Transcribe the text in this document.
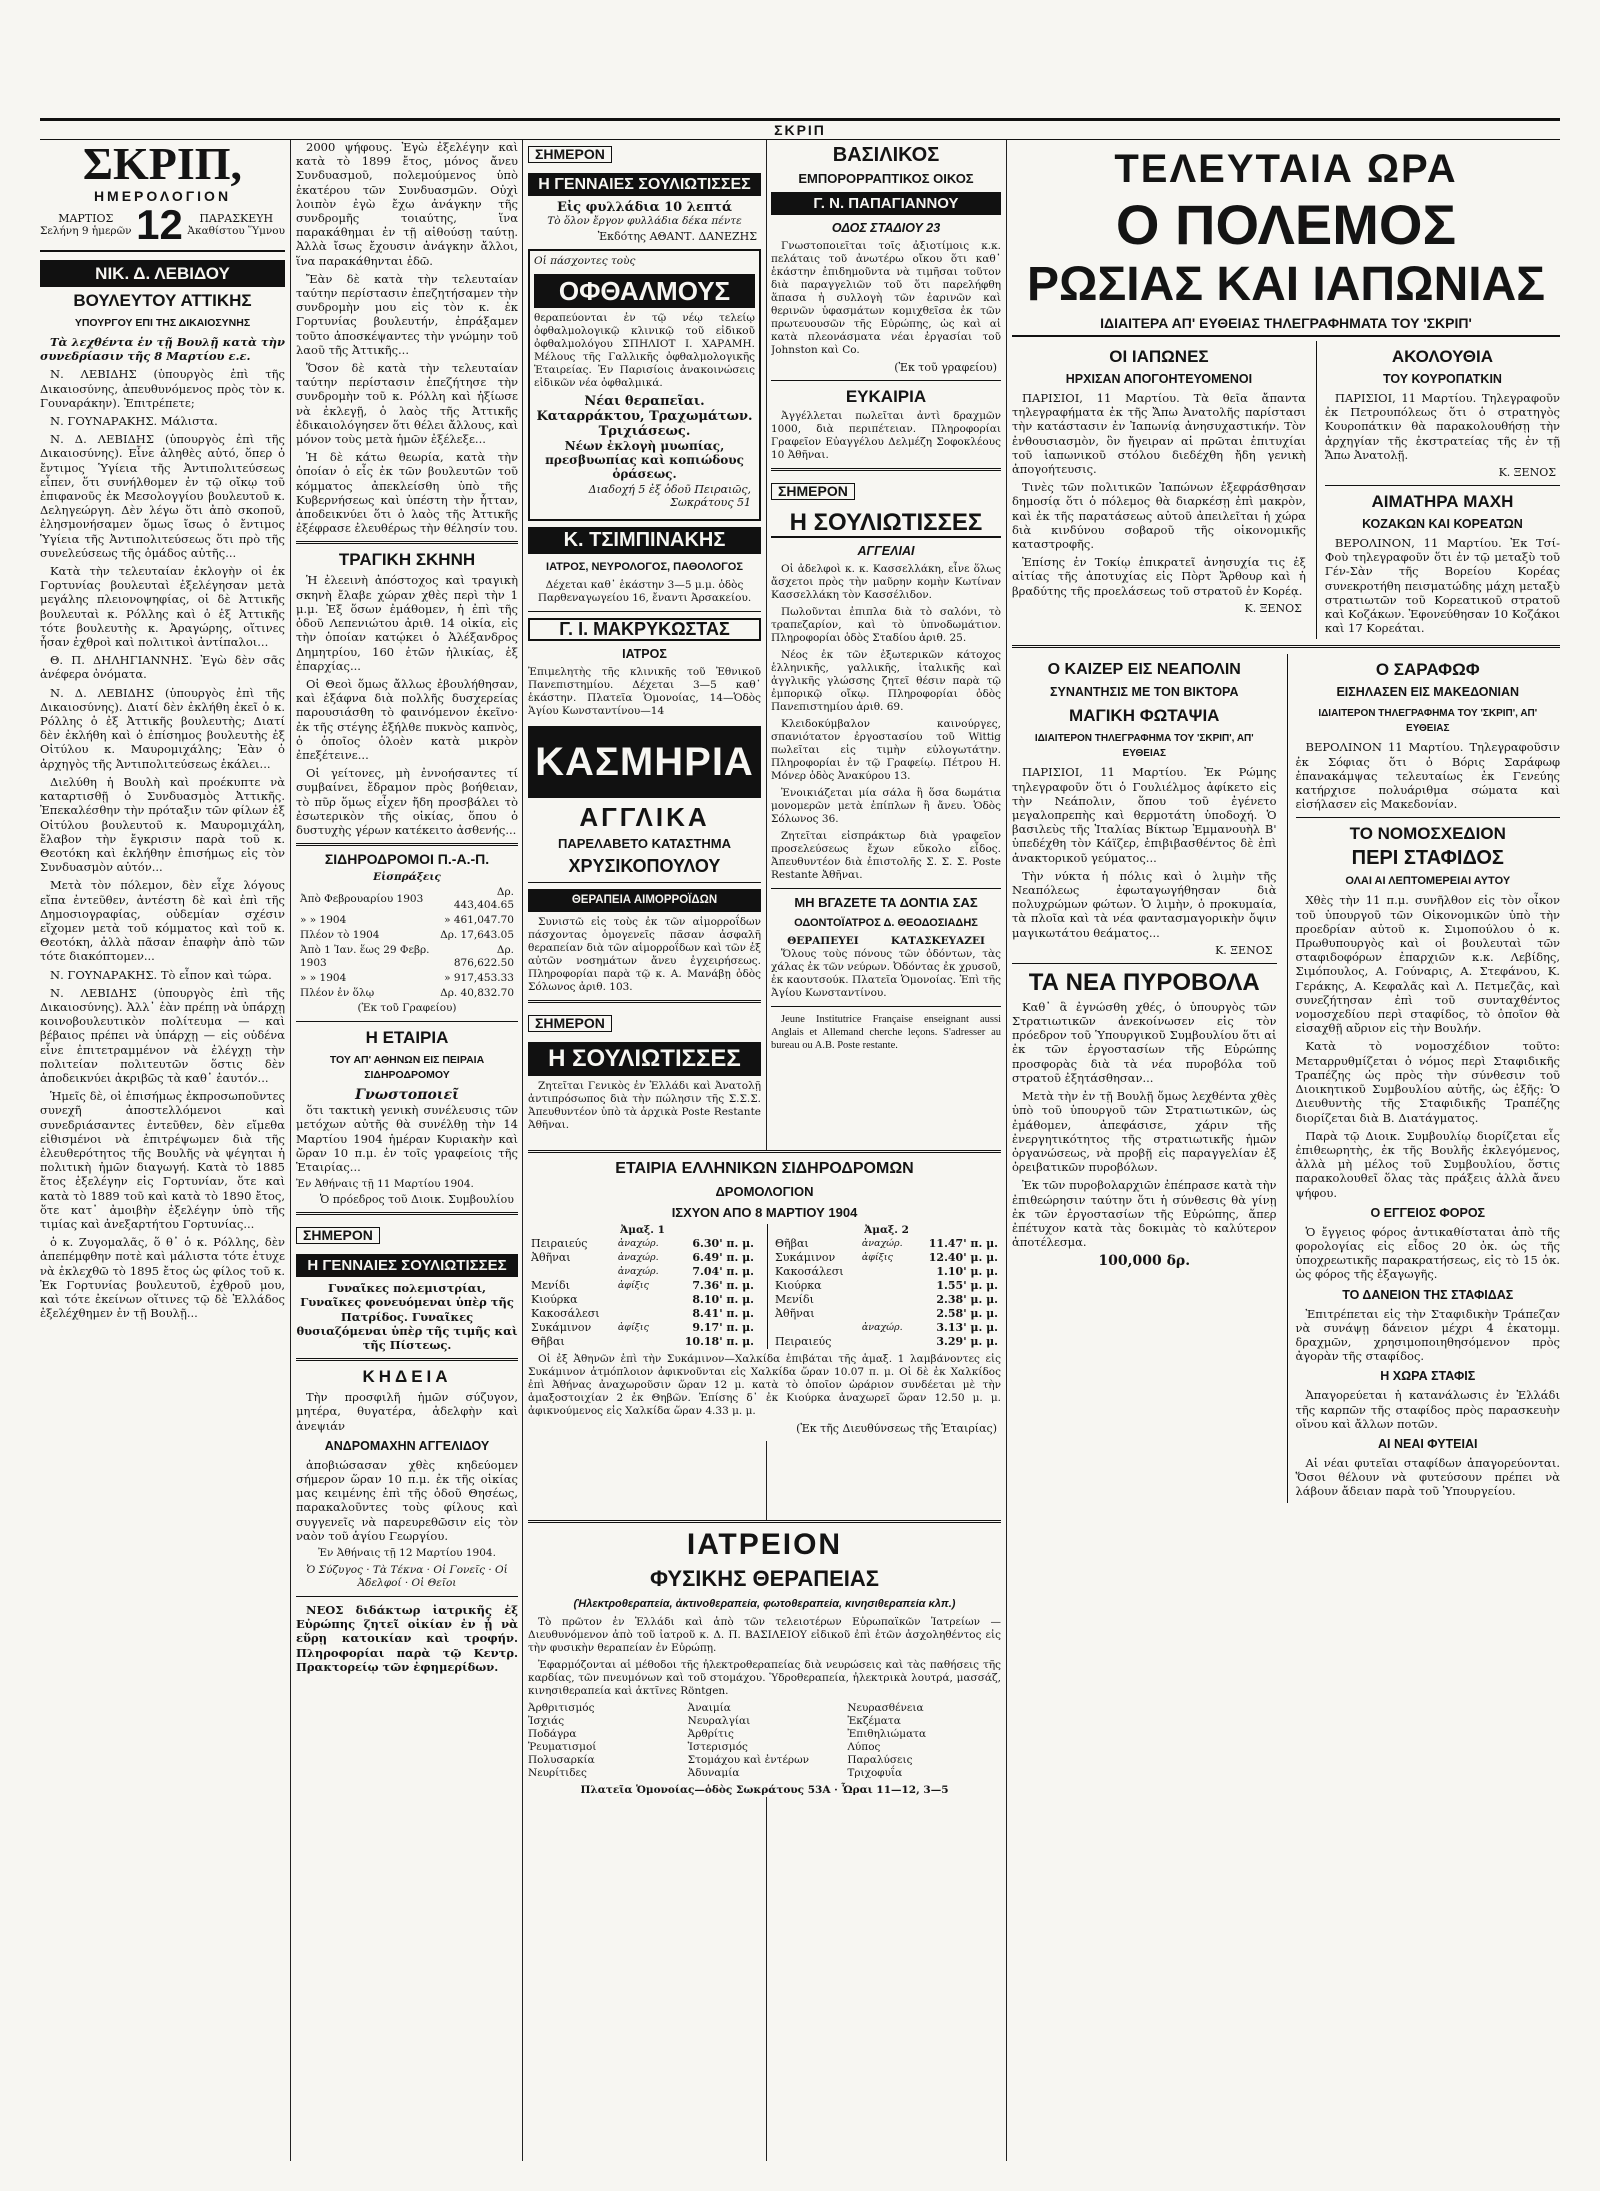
ΣΚΡΙΠ
ΣΚΡΙΠ,
ΗΜΕΡΟΛΟΓΙΟΝ
ΜΑΡΤΙΟΣ
Σελήνη 9 ἡμερῶν 12	ΠΑΡΑΣΚΕΥΗ
Ἀκαθίστου Ὕμνου
ΝΙΚ. Δ. ΛΕΒΙΔΟΥ
ΒΟΥΛΕΥΤΟΥ ΑΤΤΙΚΗΣ
ΥΠΟΥΡΓΟΥ ΕΠΙ ΤΗΣ ΔΙΚΑΙΟΣΥΝΗΣ

Τὰ λεχθέντα ἐν τῇ Βουλῇ κατὰ τὴν συνεδρίασιν τῆς 8 Μαρτίου ε.ε.

Ν. ΛΕΒΙΔΗΣ (ὑπουργὸς ἐπὶ τῆς Δικαιοσύνης, ἀπευθυνόμενος πρὸς τὸν κ. Γουναράκην). Ἐπιτρέπετε;

Ν. ΓΟΥΝΑΡΑΚΗΣ. Μάλιστα.

Ν. Δ. ΛΕΒΙΔΗΣ (ὑπουργὸς ἐπὶ τῆς Δικαιοσύνης). Εἶνε ἀληθὲς αὐτό, ὅπερ ὁ ἔντιμος Ὑγίεια τῆς Ἀντιπολιτεύσεως εἶπεν, ὅτι συνήλθομεν ἐν τῷ οἴκῳ τοῦ ἐπιφανοῦς ἐκ Μεσολογγίου βουλευτοῦ κ. Δεληγεώργη. Δὲν λέγω ὅτι ἀπὸ σκοποῦ, ἐλησμονήσαμεν ὅμως ἴσως ὁ ἔντιμος Ὑγίεια τῆς Ἀντιπολιτεύσεως ὅτι πρὸ τῆς συνελεύσεως τῆς ὁμάδος αὐτῆς...

Κατὰ τὴν τελευταίαν ἐκλογὴν οἱ ἐκ Γορτυνίας βουλευταὶ ἐξελέγησαν μετὰ μεγάλης πλειονοψηφίας, οἱ δὲ Ἀττικῆς βουλευταὶ κ. Ρόλλης καὶ ὁ ἐξ Ἀττικῆς τότε βουλευτὴς κ. Ἀραγώρης, οἵτινες ἦσαν ἐχθροὶ καὶ πολιτικοὶ ἀντίπαλοι...

Θ. Π. ΔΗΛΗΓΙΑΝΝΗΣ. Ἐγὼ δὲν σᾶς ἀνέφερα ὀνόματα.

Ν. Δ. ΛΕΒΙΔΗΣ (ὑπουργὸς ἐπὶ τῆς Δικαιοσύνης). Διατί δὲν ἐκλήθη ἐκεῖ ὁ κ. Ρόλλης ὁ ἐξ Ἀττικῆς βουλευτὴς; Διατί δὲν ἐκλήθη καὶ ὁ ἐπίσημος βουλευτὴς ἐξ Οἰτύλου κ. Μαυρομιχάλης; Ἐὰν ὁ ἀρχηγὸς τῆς Ἀντιπολιτεύσεως ἐκάλει...

Διελύθη ἡ Βουλὴ καὶ προέκυπτε νὰ καταρτισθῇ ὁ Συνδυασμὸς Ἀττικῆς. Ἐπεκαλέσθην τὴν πρόταξιν τῶν φίλων ἐξ Οἰτύλου βουλευτοῦ κ. Μαυρομιχάλη, ἔλαβον τὴν ἔγκρισιν παρὰ τοῦ κ. Θεοτόκη καὶ ἐκλήθην ἐπισήμως εἰς τὸν Συνδυασμὸν αὐτόν...

Μετὰ τὸν πόλεμον, δὲν εἶχε λόγους εἴπα ἐντεῦθεν, ἀντέστη δὲ καὶ ἐπὶ τῆς Δημοσιογραφίας, οὐδεμίαν σχέσιν εἴχομεν μετὰ τοῦ κόμματος καὶ τοῦ κ. Θεοτόκη, ἀλλὰ πᾶσαν ἐπαφὴν ἀπὸ τῶν τότε διακόπτομεν...

Ν. ΓΟΥΝΑΡΑΚΗΣ. Τὸ εἶπον καὶ τώρα.

Ν. ΛΕΒΙΔΗΣ (ὑπουργὸς ἐπὶ τῆς Δικαιοσύνης). Ἀλλ᾿ ἐὰν πρέπῃ νὰ ὑπάρχῃ κοινοβουλευτικὸν πολίτευμα — καὶ βέβαιος πρέπει νὰ ὑπάρχῃ — εἰς οὐδένα εἶνε ἐπιτετραμμένον νὰ ἐλέγχῃ τὴν πολιτείαν πολιτευτῶν ὅστις δὲν ἀποδεικνύει ἀκριβῶς τὰ καθ᾿ ἑαυτόν...

Ἡμεῖς δὲ, οἱ ἐπισήμως ἐκπροσωποῦντες συνεχῆ ἀποστελλόμενοι καὶ συνεδριάσαντες ἐντεῦθεν, δὲν εἴμεθα εἰθισμένοι νὰ ἐπιτρέψωμεν διὰ τῆς ἐλευθερότητος τῆς Βουλῆς νὰ ψέγηται ἡ πολιτικὴ ἡμῶν διαγωγή. Κατὰ τὸ 1885 ἔτος ἐξελέγην εἰς Γορτυνίαν, ὅτε καὶ κατὰ τὸ 1889 τοῦ καὶ κατὰ τὸ 1890 ἔτος, ὅτε κατ᾿ ἀμοιβὴν ἐξελέγην ὑπὸ τῆς τιμίας καὶ ἀνεξαρτήτου Γορτυνίας...

ὁ κ. Ζυγομαλᾶς, ὅ θ᾿ ὁ κ. Ρόλλης, δὲν ἀπεπέμφθην ποτὲ καὶ μάλιστα τότε ἐτυχε νὰ ἐκλεχθῶ τὸ 1895 ἔτος ὡς φίλος τοῦ κ. Ἐκ Γορτυνίας βουλευτοῦ, ἐχθροῦ μου, καὶ τότε ἐκείνων οἵτινες τῷ δὲ Ἑλλάδος ἐξελέχθημεν ἐν τῇ Βουλῇ...

2000 ψήφους. Ἐγὼ ἐξελέγην καὶ κατὰ τὸ 1899 ἔτος, μόνος ἄνευ Συνδυασμοῦ, πολεμούμενος ὑπὸ ἑκατέρου τῶν Συνδυασμῶν. Οὐχὶ λοιπὸν ἐγὼ ἔχω ἀνάγκην τῆς συνδρομῆς τοιαύτης, ἵνα παρακάθημαι ἐν τῇ αἰθούσῃ ταύτῃ. Ἀλλὰ ἴσως ἔχουσιν ἀνάγκην ἄλλοι, ἵνα παρακάθηνται ἐδῶ.

Ἔὰν δὲ κατὰ τὴν τελευταίαν ταύτην περίστασιν ἐπεζητήσαμεν τὴν συνδρομὴν μου εἰς τὸν κ. ἐκ Γορτυνίας βουλευτήν, ἐπράξαμεν τοῦτο ἀποσκέψαντες τὴν γνώμην τοῦ λαοῦ τῆς Ἀττικῆς...

Ὅσον δὲ κατὰ τὴν τελευταίαν ταύτην περίστασιν ἐπεζήτησε τὴν συνδρομὴν τοῦ κ. Ρόλλη καὶ ἠξίωσε νὰ ἐκλεγῇ, ὁ λαὸς τῆς Ἀττικῆς ἐδικαιολόγησεν ὅτι θέλει ἄλλους, καὶ μόνον τοὺς μετὰ ἡμῶν ἐξέλεξε...

Ἡ δὲ κάτω θεωρία, κατὰ τὴν ὁποίαν ὁ εἷς ἐκ τῶν βουλευτῶν τοῦ κόμματος ἀπεκλείσθη ὑπὸ τῆς Κυβερνήσεως καὶ ὑπέστη τὴν ἧτταν, ἀποδεικνύει ὅτι ὁ λαὸς τῆς Ἀττικῆς ἐξέφρασε ἐλευθέρως τὴν θέλησίν του.

ΤΡΑΓΙΚΗ ΣΚΗΝΗ

Ἡ ἐλεεινὴ ἀπόστοχος καὶ τραγικὴ σκηνὴ ἔλαβε χώραν χθὲς περὶ τὴν 1 μ.μ. Ἐξ ὅσων ἐμάθομεν, ἡ ἐπὶ τῆς ὁδοῦ Λεπενιώτου ἀριθ. 14 οἰκία, εἰς τὴν ὁποίαν κατῴκει ὁ Ἀλέξανδρος Δημητρίου, 160 ἐτῶν ἠλικίας, ἐξ ἐπαρχίας...

Οἱ Θεοὶ ὅμως ἄλλως ἐβουλήθησαν, καὶ ἐξάφνα διὰ πολλῆς δυσχερείας παρουσιάσθη τὸ φαινόμενον ἐκεῖνο· ἐκ τῆς στέγης ἐξήλθε πυκνὸς καπνὸς, ὁ ὁποῖος ὁλοὲν κατὰ μικρὸν ἐπεξέτεινε...

Οἱ γείτονες, μὴ ἐννοήσαντες τί συμβαίνει, ἔδραμον πρὸς βοήθειαν, τὸ πῦρ ὅμως εἶχεν ἤδη προσβάλει τὸ ἐσωτερικὸν τῆς οἰκίας, ὅπου ὁ δυστυχὴς γέρων κατέκειτο ἀσθενής...

ΣΙΔΗΡΟΔΡΟΜΟΙ Π.-Α.-Π.
Εἰσπράξεις
Ἀπὸ Φεβρουαρίου 1903	Δρ. 443,404.65
» » 1904	» 461,047.70
Πλέον τὸ 1904	Δρ. 17,643.05
Ἀπὸ 1 Ἰαν. ἕως 29 Φεβρ. 1903	Δρ. 876,622.50
» » 1904	» 917,453.33
Πλέον ἐν ὅλῳ	Δρ. 40,832.70
(Ἐκ τοῦ Γραφείου)
Η ΕΤΑΙΡΙΑ
ΤΟΥ ΑΠ' ΑΘΗΝΩΝ ΕΙΣ ΠΕΙΡΑΙΑ ΣΙΔΗΡΟΔΡΟΜΟΥ
Γνωστοποιεῖ

ὅτι τακτικὴ γενικὴ συνέλευσις τῶν μετόχων αὐτῆς θὰ συνέλθῃ τὴν 14 Μαρτίου 1904 ἡμέραν Κυριακὴν καὶ ὥραν 10 π.μ. ἐν τοῖς γραφείοις τῆς Ἑταιρίας...

Ἐν Ἀθήναις τῇ 11 Μαρτίου 1904.
Ὁ πρόεδρος τοῦ Διοικ. Συμβουλίου
ΣΗΜΕΡΟΝ
Η ΓΕΝΝΑΙΕΣ ΣΟΥΛΙΩΤΙΣΣΕΣ

Γυναῖκες πολεμιστρίαι, Γυναῖκες φονευόμεναι ὑπὲρ τῆς Πατρίδος. Γυναῖκες θυσιαζόμεναι ὑπὲρ τῆς τιμῆς καὶ τῆς Πίστεως.

ΚΗΔΕΙΑ

Τὴν προσφιλῆ ἡμῶν σύζυγον, μητέρα, θυγατέρα, ἀδελφὴν καὶ ἀνεψιάν

ΑΝΔΡΟΜΑΧΗΝ ΑΓΓΕΛΙΔΟΥ

ἀποβιώσασαν χθὲς κηδεύομεν σήμερον ὥραν 10 π.μ. ἐκ τῆς οἰκίας μας κειμένης ἐπὶ τῆς ὁδοῦ Θησέως, παρακαλοῦντες τοὺς φίλους καὶ συγγενεῖς νὰ παρευρεθῶσιν εἰς τὸν ναὸν τοῦ ἁγίου Γεωργίου.

Ἐν Ἀθήναις τῇ 12 Μαρτίου 1904.
Ὁ Σύζυγος · Τὰ Τέκνα · Οἱ Γονεῖς · Οἱ Ἀδελφοί · Οἱ Θεῖοι

ΝΕΟΣ διδάκτωρ ἰατρικῆς ἐξ Εὐρώπης ζητεῖ οἰκίαν ἐν ᾗ νὰ εὕρῃ κατοικίαν καὶ τροφήν. Πληροφορίαι παρὰ τῷ Κεντρ. Πρακτορείῳ τῶν ἐφημερίδων.

ΣΗΜΕΡΟΝ
Η ΓΕΝΝΑΙΕΣ ΣΟΥΛΙΩΤΙΣΣΕΣ
Εἰς φυλλάδια 10 λεπτά
Τὸ ὅλον ἔργον φυλλάδια δέκα πέντε
Ἐκδότης ΑΘΑΝΤ. ΔΑΝΕΖΗΣ
Οἱ πάσχοντες τοὺς
ΟΦΘΑΛΜΟΥΣ

θεραπεύονται ἐν τῷ νέῳ τελείῳ ὀφθαλμολογικῷ κλινικῷ τοῦ εἰδικοῦ ὀφθαλμολόγου ΣΠΗΛΙΟΤ Ι. ΧΑΡΑΜΗ. Μέλους τῆς Γαλλικῆς ὀφθαλμολογικῆς Ἑταιρείας. Ἐν Παρισίοις ἀνακοινώσεις εἰδικῶν νέα ὀφθαλμικά.

Νέαι θεραπεῖαι. Καταρράκτου, Τραχωμάτων. Τριχιάσεως.
Νέων ἐκλογὴ μυωπίας, πρεσβυωπίας καὶ κοπιώδους ὁράσεως.
Διαδοχή 5 ἐξ ὁδοῦ Πειραιῶς, Σωκράτους 51
Κ. ΤΣΙΜΠΙΝΑΚΗΣ
ΙΑΤΡΟΣ, ΝΕΥΡΟΛΟΓΟΣ, ΠΑΘΟΛΟΓΟΣ

Δέχεται καθ᾿ ἑκάστην 3—5 μ.μ. ὁδὸς Παρθεναγωγείου 16, ἔναντι Ἀρσακείου.

Γ. Ι. ΜΑΚΡΥΚΩΣΤΑΣ
ΙΑΤΡΟΣ

Ἐπιμελητὴς τῆς κλινικῆς τοῦ Ἐθνικοῦ Πανεπιστημίου. Δέχεται 3—5 καθ᾿ ἑκάστην. Πλατεῖα Ὁμονοίας, 14—Ὁδὸς Ἁγίου Κωνσταντίνου—14

ΚΑΣΜΗΡΙΑ
ΑΓΓΛΙΚΑ
ΠΑΡΕΛΑΒΕΤΟ ΚΑΤΑΣΤΗΜΑ
ΧΡΥΣΙΚΟΠΟΥΛΟΥ
ΘΕΡΑΠΕΙΑ ΑΙΜΟΡΡΟΪΔΩΝ

Συνιστῶ εἰς τοὺς ἐκ τῶν αἱμορροΐδων πάσχοντας ὁμογενεῖς πᾶσαν ἀσφαλῆ θεραπείαν διὰ τῶν αἱμορροΐδων καὶ τῶν ἐξ αὐτῶν νοσημάτων ἄνευ ἐγχειρήσεως. Πληροφορίαι παρὰ τῷ κ. Α. Μανάβῃ ὁδὸς Σόλωνος ἀριθ. 103.

ΣΗΜΕΡΟΝ
Η ΣΟΥΛΙΩΤΙΣΣΕΣ

Ζητεῖται Γενικὸς ἐν Ἑλλάδι καὶ Ἀνατολῇ ἀντιπρόσωπος διὰ τὴν πώλησιν τῆς Σ.Σ.Σ. Ἀπευθυντέον ὑπὸ τὰ ἀρχικὰ Poste Restante Ἀθῆναι.

ΒΑΣΙΛΙΚΟΣ
ΕΜΠΟΡΟΡΡΑΠΤΙΚΟΣ ΟΙΚΟΣ
Γ. Ν. ΠΑΠΑΓΙΑΝΝΟΥ
ΟΔΟΣ ΣΤΑΔΙΟΥ 23

Γνωστοποιεῖται τοῖς ἀξιοτίμοις κ.κ. πελάταις τοῦ ἀνωτέρω οἴκου ὅτι καθ᾿ ἑκάστην ἐπιδημοῦντα νὰ τιμῆσαι τοῦτον διὰ παραγγελιῶν τοῦ ὅτι παρελήφθη ἅπασα ἡ συλλογὴ τῶν ἐαρινῶν καὶ θερινῶν ὑφασμάτων κομιχθεῖσα ἐκ τῶν πρωτευουσῶν τῆς Εὐρώπης, ὡς καὶ αἱ κατὰ πλεονάσματα νέαι ἐργασίαι τοῦ Johnston καὶ Co.

(Ἐκ τοῦ γραφείου)
ΕΥΚΑΙΡΙΑ

Ἀγγέλλεται πωλεῖται ἀντὶ δραχμῶν 1000, διὰ περιπέτειαν. Πληροφορίαι Γραφεῖον Εὐαγγέλου Δελμέζη Σοφοκλέους 10 Ἀθῆναι.

ΣΗΜΕΡΟΝ
Η ΣΟΥΛΙΩΤΙΣΣΕΣ
ΑΓΓΕΛΙΑΙ

Οἱ ἀδελφοὶ κ. κ. Κασσελλάκη, εἶνε ὅλως ἄσχετοι πρὸς τὴν μαῦρην κομὴν Κωτίναν Κασσελλάκη τὸν Κασσέλιδον.

Πωλοῦνται ἐπιπλα διὰ τὸ σαλόνι, τὸ τραπεζαρίον, καὶ τὸ ὑπνοδωμάτιον. Πληροφορίαι ὁδὸς Σταδίου ἀριθ. 25.

Νέος ἐκ τῶν ἐξωτερικῶν κάτοχος ἑλληνικῆς, γαλλικῆς, ἰταλικῆς καὶ ἀγγλικῆς γλώσσης ζητεῖ θέσιν παρὰ τῷ ἐμπορικῷ οἴκῳ. Πληροφορίαι ὁδὸς Πανεπιστημίου ἀριθ. 69.

Κλειδοκύμβαλον καινούργες, σπανιότατον ἐργοστασίου τοῦ Wittig πωλεῖται εἰς τιμὴν εὐλογωτάτην. Πληροφορίαι ἐν τῷ Γραφείῳ. Πέτρου Η. Μόνερ ὁδὸς Ἀνακύρου 13.

Ἐνοικιάζεται μία σάλα ἢ ὅσα δωμάτια μονομερῶν μετὰ ἐπίπλων ἢ ἄνευ. Ὁδὸς Σόλωνος 36.

Ζητεῖται εἰσπράκτωρ διὰ γραφεῖον προσελεύσεως ἔχων εὔκολο εἶδος. Ἀπευθυντέον διὰ ἐπιστολῆς Σ. Σ. Σ. Poste Restante Ἀθῆναι.

ΜΗ ΒΓΑΖΕΤΕ ΤΑ ΔΟΝΤΙΑ ΣΑΣ
ΟΔΟΝΤΟΪΑΤΡΟΣ Δ. ΘΕΟΔΟΣΙΑΔΗΣ
ΘΕΡΑΠΕΥΕΙ	ΚΑΤΑΣΚΕΥΑΖΕΙ

Ὅλους τοὺς πόνους τῶν ὀδόντων, τὰς χάλας ἐκ τῶν νεύρων. Ὀδόντας ἐκ χρυσοῦ, ἐκ καουτσούκ. Πλατεῖα Ὁμονοίας. Ἐπὶ τῆς Ἀγίου Κωνσταντίνου.

Jeune Institutrice Française enseignant aussi Anglais et Allemand cherche leçons. S'adresser au bureau ou A.B. Poste restante.

ΤΕΛΕΥΤΑΙΑ ΩΡΑ
Ο ΠΟΛΕΜΟΣ
ΡΩΣΙΑΣ ΚΑΙ ΙΑΠΩΝΙΑΣ
ΙΔΙΑΙΤΕΡΑ ΑΠ' ΕΥΘΕΙΑΣ ΤΗΛΕΓΡΑΦΗΜΑΤΑ ΤΟΥ 'ΣΚΡΙΠ'
ΟΙ ΙΑΠΩΝΕΣ
ΗΡΧΙΣΑΝ ΑΠΟΓΟΗΤΕΥΟΜΕΝΟΙ

ΠΑΡΙΣΙΟΙ, 11 Μαρτίου. Τὰ θεῖα ἄπαντα τηλεγραφήματα ἐκ τῆς Ἄπω Ἀνατολῆς παρίστασι τὴν κατάστασιν ἐν Ἰαπωνίᾳ ἀνησυχαστικήν. Τὸν ἐνθουσιασμὸν, ὃν ἤγειραν αἱ πρῶται ἐπιτυχίαι τοῦ ἰαπωνικοῦ στόλου διεδέχθη ἤδη γενικὴ ἀπογοήτευσις.

Τινὲς τῶν πολιτικῶν Ἰαπώνων ἐξεφράσθησαν δημοσίᾳ ὅτι ὁ πόλεμος θὰ διαρκέσῃ ἐπὶ μακρὸν, καὶ ἐκ τῆς παρατάσεως αὐτοῦ ἀπειλεῖται ἡ χώρα διὰ κινδύνου σοβαροῦ τῆς οἰκονομικῆς καταστροφῆς.

Ἐπίσης ἐν Τοκίῳ ἐπικρατεῖ ἀνησυχία τις ἐξ αἰτίας τῆς ἀποτυχίας εἰς Πὸρτ Ἄρθουρ καὶ ἡ βραδύτης τῆς προελάσεως τοῦ στρατοῦ ἐν Κορέᾳ.

Κ. ΞΕΝΟΣ
ΑΚΟΛΟΥΘΙΑ
ΤΟΥ ΚΟΥΡΟΠΑΤΚΙΝ

ΠΑΡΙΣΙΟΙ, 11 Μαρτίου. Τηλεγραφοῦν ἐκ Πετρουπόλεως ὅτι ὁ στρατηγὸς Κουροπάτκιν θὰ παρακολουθήσῃ τὴν ἀρχηγίαν τῆς ἐκστρατείας τῆς ἐν τῇ Ἄπω Ἀνατολῇ.

Κ. ΞΕΝΟΣ
ΑΙΜΑΤΗΡΑ ΜΑΧΗ
ΚΟΖΑΚΩΝ ΚΑΙ ΚΟΡΕΑΤΩΝ

ΒΕΡΟΛΙΝΟΝ, 11 Μαρτίου. Ἐκ Τσί-Φοὺ τηλεγραφοῦν ὅτι ἐν τῷ μεταξὺ τοῦ Γέν-Σὰν τῆς Βορείου Κορέας συνεκροτήθη πεισματώδης μάχη μεταξὺ στρατιωτῶν τοῦ Κορεατικοῦ στρατοῦ καὶ Κοζάκων. Ἐφονεύθησαν 10 Κοζάκοι καὶ 17 Κορεάται.

Ο ΚΑΙΖΕΡ ΕΙΣ ΝΕΑΠΟΛΙΝ
ΣΥΝΑΝΤΗΣΙΣ ΜΕ ΤΟΝ ΒΙΚΤΟΡΑ
ΜΑΓΙΚΗ ΦΩΤΑΨΙΑ
ΙΔΙΑΙΤΕΡΟΝ ΤΗΛΕΓΡΑΦΗΜΑ ΤΟΥ 'ΣΚΡΙΠ', ΑΠ' ΕΥΘΕΙΑΣ

ΠΑΡΙΣΙΟΙ, 11 Μαρτίου. Ἐκ Ρώμης τηλεγραφοῦν ὅτι ὁ Γουλιέλμος ἀφίκετο εἰς τὴν Νεάπολιν, ὅπου τοῦ ἐγένετο μεγαλοπρεπὴς καὶ θερμοτάτη ὑποδοχή. Ὁ βασιλεὺς τῆς Ἰταλίας Βίκτωρ Ἐμμανουὴλ Β' ὑπεδέχθη τὸν Κάϊζερ, ἐπιβιβασθέντος δὲ ἐπὶ ἀνακτορικοῦ γεύματος...

Τὴν νύκτα ἡ πόλις καὶ ὁ λιμὴν τῆς Νεαπόλεως ἐφωταγωγήθησαν διὰ πολυχρώμων φώτων. Ὁ λιμὴν, ὁ προκυμαία, τὰ πλοῖα καὶ τὰ νέα φαντασμαγορικὴν ὄψιν μαγικωτάτου θεάματος...

Κ. ΞΕΝΟΣ
ΤΑ ΝΕΑ ΠΥΡΟΒΟΛΑ

Καθ᾿ ἃ ἐγνώσθη χθές, ὁ ὑπουργὸς τῶν Στρατιωτικῶν ἀνεκοίνωσεν εἰς τὸν πρόεδρον τοῦ Ὑπουργικοῦ Συμβουλίου ὅτι αἱ ἐκ τῶν ἐργοστασίων τῆς Εὐρώπης προσφορὰς διὰ τὰ νέα πυροβόλα τοῦ στρατοῦ ἐξητάσθησαν...

Μετὰ τὴν ἐν τῇ Βουλῇ ὅμως λεχθέντα χθὲς ὑπὸ τοῦ ὑπουργοῦ τῶν Στρατιωτικῶν, ὡς ἐμάθομεν, ἀπεφάσισε, χάριν τῆς ἐνεργητικότητος τῆς στρατιωτικῆς ἡμῶν ὀργανώσεως, νὰ προβῇ εἰς παραγγελίαν ἐξ ὀρειβατικῶν πυροβόλων.

Ἐκ τῶν πυροβολαρχιῶν ἐπέπρασε κατὰ τὴν ἐπιθεώρησιν ταύτην ὅτι ἡ σύνθεσις θὰ γίνῃ ἐκ τῶν ἐργοστασίων τῆς Εὐρώπης, ἅπερ ἐπέτυχον κατὰ τὰς δοκιμὰς τὸ καλύτερον ἀποτέλεσμα.

100,000 δρ.
Ο ΣΑΡΑΦΩΦ
ΕΙΣΗΛΑΣΕΝ ΕΙΣ ΜΑΚΕΔΟΝΙΑΝ
ΙΔΙΑΙΤΕΡΟΝ ΤΗΛΕΓΡΑΦΗΜΑ ΤΟΥ 'ΣΚΡΙΠ', ΑΠ' ΕΥΘΕΙΑΣ

ΒΕΡΟΛΙΝΟΝ 11 Μαρτίου. Τηλεγραφοῦσιν ἐκ Σόφιας ὅτι ὁ Βόρις Σαράφωφ ἐπανακάμψας τελευταίως ἐκ Γενεύης κατήρχισε πολυάριθμα σώματα καὶ εἰσήλασεν εἰς Μακεδονίαν.

ΤΟ ΝΟΜΟΣΧΕΔΙΟΝ
ΠΕΡΙ ΣΤΑΦΙΔΟΣ
ΟΛΑΙ ΑΙ ΛΕΠΤΟΜΕΡΕΙΑΙ ΑΥΤΟΥ

Χθὲς τὴν 11 π.μ. συνῆλθον εἰς τὸν οἶκον τοῦ ὑπουργοῦ τῶν Οἰκονομικῶν ὑπὸ τὴν προεδρίαν αὐτοῦ κ. Σιμοπούλου ὁ κ. Πρωθυπουργὸς καὶ οἱ βουλευταὶ τῶν σταφιδοφόρων ἐπαρχιῶν κ.κ. Λεβίδης, Σιμόπουλος, Α. Γούναρις, Α. Στεφάνου, Κ. Γεράκης, Α. Κεφαλᾶς καὶ Λ. Πετμεζᾶς, καὶ συνεζήτησαν ἐπὶ τοῦ συνταχθέντος νομοσχεδίου περὶ σταφίδος, τὸ ὁποῖον θὰ εἰσαχθῇ αὔριον εἰς τὴν Βουλήν.

Κατὰ τὸ νομοσχέδιον τοῦτο: Μεταρρυθμίζεται ὁ νόμος περὶ Σταφιδικῆς Τραπέζης ὡς πρὸς τὴν σύνθεσιν τοῦ Διοικητικοῦ Συμβουλίου αὐτῆς, ὡς ἐξῆς: Ὁ Διευθυντὴς τῆς Σταφιδικῆς Τραπέζης διορίζεται διὰ Β. Διατάγματος.

Παρὰ τῷ Διοικ. Συμβουλίῳ διορίζεται εἷς ἐπιθεωρητὴς, ἐκ τῆς Βουλῆς ἐκλεγόμενος, ἀλλὰ μὴ μέλος τοῦ Συμβουλίου, ὅστις παρακολουθεῖ ὅλας τὰς πράξεις ἀλλὰ ἄνευ ψήφου.

Ο ΕΓΓΕΙΟΣ ΦΟΡΟΣ

Ὁ ἔγγειος φόρος ἀντικαθίσταται ἀπὸ τῆς φορολογίας εἰς εἶδος 20 ὀκ. ὡς τῆς ὑποχρεωτικῆς παρακρατήσεως, εἰς τὸ 15 ὀκ. ὡς φόρος τῆς ἐξαγωγῆς.

ΤΟ ΔΑΝΕΙΟΝ ΤΗΣ ΣΤΑΦΙΔΑΣ

Ἐπιτρέπεται εἰς τὴν Σταφιδικὴν Τράπεζαν νὰ συνάψῃ δάνειον μέχρι 4 ἑκατομμ. δραχμῶν, χρησιμοποιηθησόμενον πρὸς ἀγορὰν τῆς σταφίδος.

Η ΧΩΡΑ ΣΤΑΦΙΣ

Ἀπαγορεύεται ἡ κατανάλωσις ἐν Ἑλλάδι τῆς καρπῶν τῆς σταφίδος πρὸς παρασκευὴν οἴνου καὶ ἄλλων ποτῶν.

ΑΙ ΝΕΑΙ ΦΥΤΕΙΑΙ

Αἱ νέαι φυτεῖαι σταφίδων ἀπαγορεύονται. Ὅσοι θέλουν νὰ φυτεύσουν πρέπει νὰ λάβουν ἄδειαν παρὰ τοῦ Ὑπουργείου.

ΕΤΑΙΡΙΑ ΕΛΛΗΝΙΚΩΝ ΣΙΔΗΡΟΔΡΟΜΩΝ
ΔΡΟΜΟΛΟΓΙΟΝ
ΙΣΧΥΟΝ ΑΠΟ 8 ΜΑΡΤΙΟΥ 1904
Ἀμαξ. 1
Πειραιεύς	ἀναχώρ.	6.30' π. μ.
Ἀθῆναι	ἀναχώρ.	6.49' π. μ.
	ἀναχώρ.	7.04' π. μ.
Μενίδι	ἀφίξις	7.36' π. μ.
Κιούρκα		8.10' π. μ.
Κακοσάλεσι		8.41' π. μ.
Συκάμινον	ἀφίξις	9.17' π. μ.
Θῆβαι		10.18' π. μ.
Ἀμαξ. 2
Θῆβαι	ἀναχώρ.	11.47' π. μ.
Συκάμινον	ἀφίξις	12.40' μ. μ.
Κακοσάλεσι		1.10' μ. μ.
Κιούρκα		1.55' μ. μ.
Μενίδι		2.38' μ. μ.
Ἀθῆναι		2.58' μ. μ.
	ἀναχώρ.	3.13' μ. μ.
Πειραιεύς		3.29' μ. μ.

Οἱ ἐξ Ἀθηνῶν ἐπὶ τὴν Συκάμινον—Χαλκίδα ἐπιβάται τῆς ἁμαξ. 1 λαμβάνοντες εἰς Συκάμινον ἀτμόπλοιον ἀφικνοῦνται εἰς Χαλκίδα ὥραν 10.07 π. μ. Οἱ δὲ ἐκ Χαλκίδος ἐπὶ Ἀθήνας ἀναχωροῦσιν ὥραν 12 μ. κατὰ τὸ ὁποῖον ὡράριον συνδέεται μὲ τὴν ἁμαξοστοιχίαν 2 ἐκ Θηβῶν. Ἐπίσης δ᾿ ἐκ Κιούρκα ἀναχωρεῖ ὥραν 12.50 μ. μ. ἀφικνούμενος εἰς Χαλκίδα ὥραν 4.33 μ. μ.

(Ἐκ τῆς Διευθύνσεως τῆς Ἑταιρίας)
ΙΑΤΡΕΙΟΝ
ΦΥΣΙΚΗΣ ΘΕΡΑΠΕΙΑΣ
(Ἠλεκτροθεραπεία, ἀκτινοθεραπεία, φωτοθεραπεία, κινησιθεραπεία κλπ.)

Τὸ πρῶτον ἐν Ἑλλάδι καὶ ἀπὸ τῶν τελειοτέρων Εὐρωπαϊκῶν Ἰατρείων — Διευθυνόμενον ἀπὸ τοῦ ἰατροῦ κ. Δ. Π. ΒΑΣΙΛΕΙΟΥ εἰδικοῦ ἐπὶ ἐτῶν ἀσχοληθέντος εἰς τὴν φυσικὴν θεραπείαν ἐν Εὐρώπῃ.

Ἐφαρμόζονται αἱ μέθοδοι τῆς ἠλεκτροθεραπείας διὰ νευρώσεις καὶ τὰς παθήσεις τῆς καρδίας, τῶν πνευμόνων καὶ τοῦ στομάχου. Ὑδροθεραπεία, ἠλεκτρικὰ λουτρά, μασσάζ, κινησιθεραπεία καὶ ἀκτῖνες Röntgen.

Ἀρθριτισμός	Ἀναιμία	Νευρασθένεια
Ἰσχιάς	Νευραλγίαι	Ἐκζέματα
Ποδάγρα	Ἀρθρίτις	Ἐπιθηλιώματα
Ῥευματισμοί	Ἱστερισμός	Λύπος
Πολυσαρκία	Στομάχου καὶ ἐντέρων	Παραλύσεις
Νευρίτιδες	Ἀδυναμία	Τριχοφυΐα
Πλατεῖα Ὁμονοίας—ὁδὸς Σωκράτους 53Α · Ὧραι 11—12, 3—5
